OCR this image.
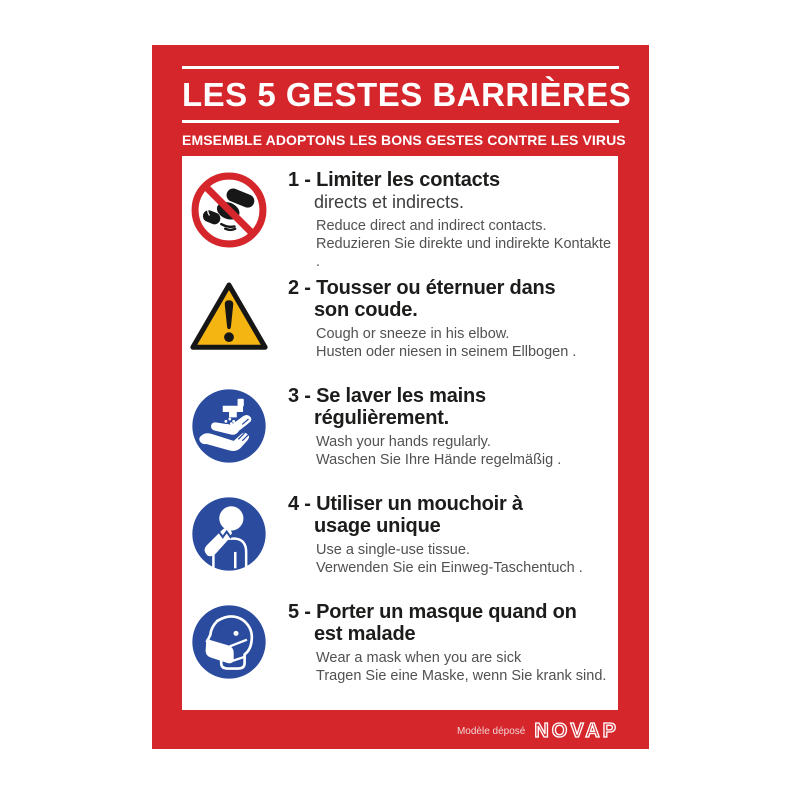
LES 5 GESTES BARRIÈRES
EMSEMBLE ADOPTONS LES BONS GESTES CONTRE LES VIRUS
1 - Limiter les contacts
directs et indirects.
Reduce direct and indirect contacts.
Reduzieren Sie direkte und indirekte Kontakte .
2 - Tousser ou éternuer dans
son coude.
Cough or sneeze in his elbow.
Husten oder niesen in seinem Ellbogen .
3 - Se laver les mains
régulièrement.
Wash your hands regularly.
Waschen Sie Ihre Hände regelmäßig .
4 - Utiliser un mouchoir à
usage unique
Use a single-use tissue.
Verwenden Sie ein Einweg-Taschentuch .
5 - Porter un masque quand on
est malade
Wear a mask when you are sick
Tragen Sie eine Maske, wenn Sie krank sind.
Modèle déposé NOVAP
